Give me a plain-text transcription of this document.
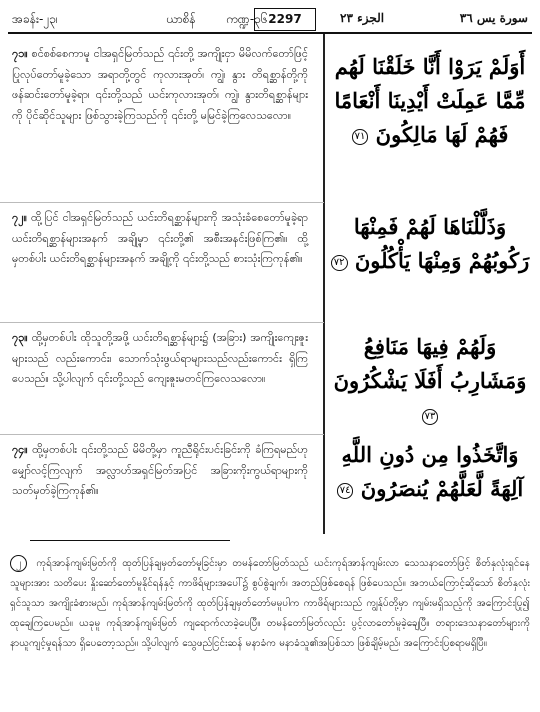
အခန်း-၂၃၊	ယာစိန်	ကဏ္ဍ-၃၆ 2297	الجزء ٢٣	سورة يس ٣٦
၇၁။ စင်စစ်စေကာမူ ငါအရှင်မြတ်သည် ၎င်းတို့ အကျိုးငှာ မိမိလက်တော်ဖြင့် ပြုလုပ်တော်မူခဲ့သော အရာတို့တွင် ကုလားအုတ်၊ ကျွဲ၊ နွား တိရစ္ဆာန်တို့ကို ဖန်ဆင်းတော်မူခဲ့ရာ၊ ၎င်းတို့သည် ယင်းကုလားအုတ်၊ ကျွဲ၊ နွားတိရစ္ဆာန်များကို ပိုင်ဆိုင်သူများ ဖြစ်သွားခဲ့ကြသည်ကို ၎င်းတို့ မမြင်ခဲ့ကြလေသလော။
أَوَلَمْ يَرَوْا أَنَّا خَلَقْنَا لَهُم مِّمَّا عَمِلَتْ أَيْدِينَا أَنْعَامًا فَهُمْ لَهَا مَالِكُونَ ٧١
၇၂။ ထို့ပြင် ငါအရှင်မြတ်သည် ယင်းတိရစ္ဆာန်များကို အသုံးခံစေတော်မူခဲ့ရာ ယင်းတိရစ္ဆာန်များအနက် အချို့မှာ ၎င်းတို့၏ အစီးအနင်းဖြစ်ကြ၏။ ထို့မှတစ်ပါး ယင်းတိရစ္ဆာန်များအနက် အချို့ကို ၎င်းတို့သည် စားသုံးကြကုန်၏။
وَذَلَّلْنَاهَا لَهُمْ فَمِنْهَا رَكُوبُهُمْ وَمِنْهَا يَأْكُلُونَ ٧٢
၇၃။ ထို့မှတစ်ပါး ထိုသူတို့အဖို့ ယင်းတိရစ္ဆာန်များ၌ (အခြား) အကျိုးကျေးဇူးများသည် လည်းကောင်း၊ သောက်သုံးဖွယ်ရာများသည်လည်းကောင်း ရှိကြပေသည်။ သို့ပါလျက် ၎င်းတို့သည် ကျေးဇူးမတင်ကြလေသလော။
وَلَهُمْ فِيهَا مَنَافِعُ وَمَشَارِبُ أَفَلَا يَشْكُرُونَ ٧٣
၇၄။ ထို့မှတစ်ပါး ၎င်းတို့သည် မိမိတို့မှာ ကူညီရိုင်းပင်းခြင်းကို ခံကြရမည်ဟု မျှော်လင့်ကြလျက် အလ္လာဟ်အရှင်မြတ်အပြင် အခြားကိုးကွယ်ရာများကို သတ်မှတ်ခဲ့ကြကုန်၏။
وَاتَّخَذُوا مِن دُونِ اللَّهِ آلِهَةً لَّعَلَّهُمْ يُنصَرُونَ ٧٤
၂ ကုရ်အာန်ကျမ်းမြတ်ကို ထုတ်ပြန်ချမှတ်တော်မူခြင်းမှာ တမန်တော်မြတ်သည် ယင်းကုရ်အာန်ကျမ်းလာ သေသနာတော်ဖြင့် စိတ်နှလုံးရှင်နေသူများအား သတိပေး နှိုးဆော်တော်မူနိုင်ရန်နှင့် ကာဖိရ်များအပေါ်၌ စွပ်စွဲချက်၊ အတည်ဖြစ်စေရန် ဖြစ်ပေသည်။ အဘယ်ကြောင့်ဆိုသော် စိတ်နှလုံးရှင်သူသာ အကျိုးခံစားမည်၊ ကုရ်အာန်ကျမ်းမြတ်ကို ထုတ်ပြန်ချမှတ်တော်မမူပါက ကာဖိရ်များသည် ကျွန်ုပ်တို့မှာ ကျမ်းမရှိသည့်ကို အကြောင်းပြု၍ ထုချေကြပေမည်။ ယခုမူ ကုရ်အာန်ကျမ်းမြတ် ကျရောက်လာခဲ့ပေပြီ။ တမန်တော်မြတ်လည်း ပွင့်လာတော်မူခဲ့ချေပြီ။ တရားဒေသနာတော်များကို နာယူကျင့်မှုရန်သာ ရှိပေတော့သည်။ သို့ပါလျက် သွေဖည်ငြင်းဆန် မနာခံက မနာခံသူ၏အပြစ်သာ ဖြစ်ချိမ့်မည်၊ အကြောင်းပြစရာမရှိပြီ။
